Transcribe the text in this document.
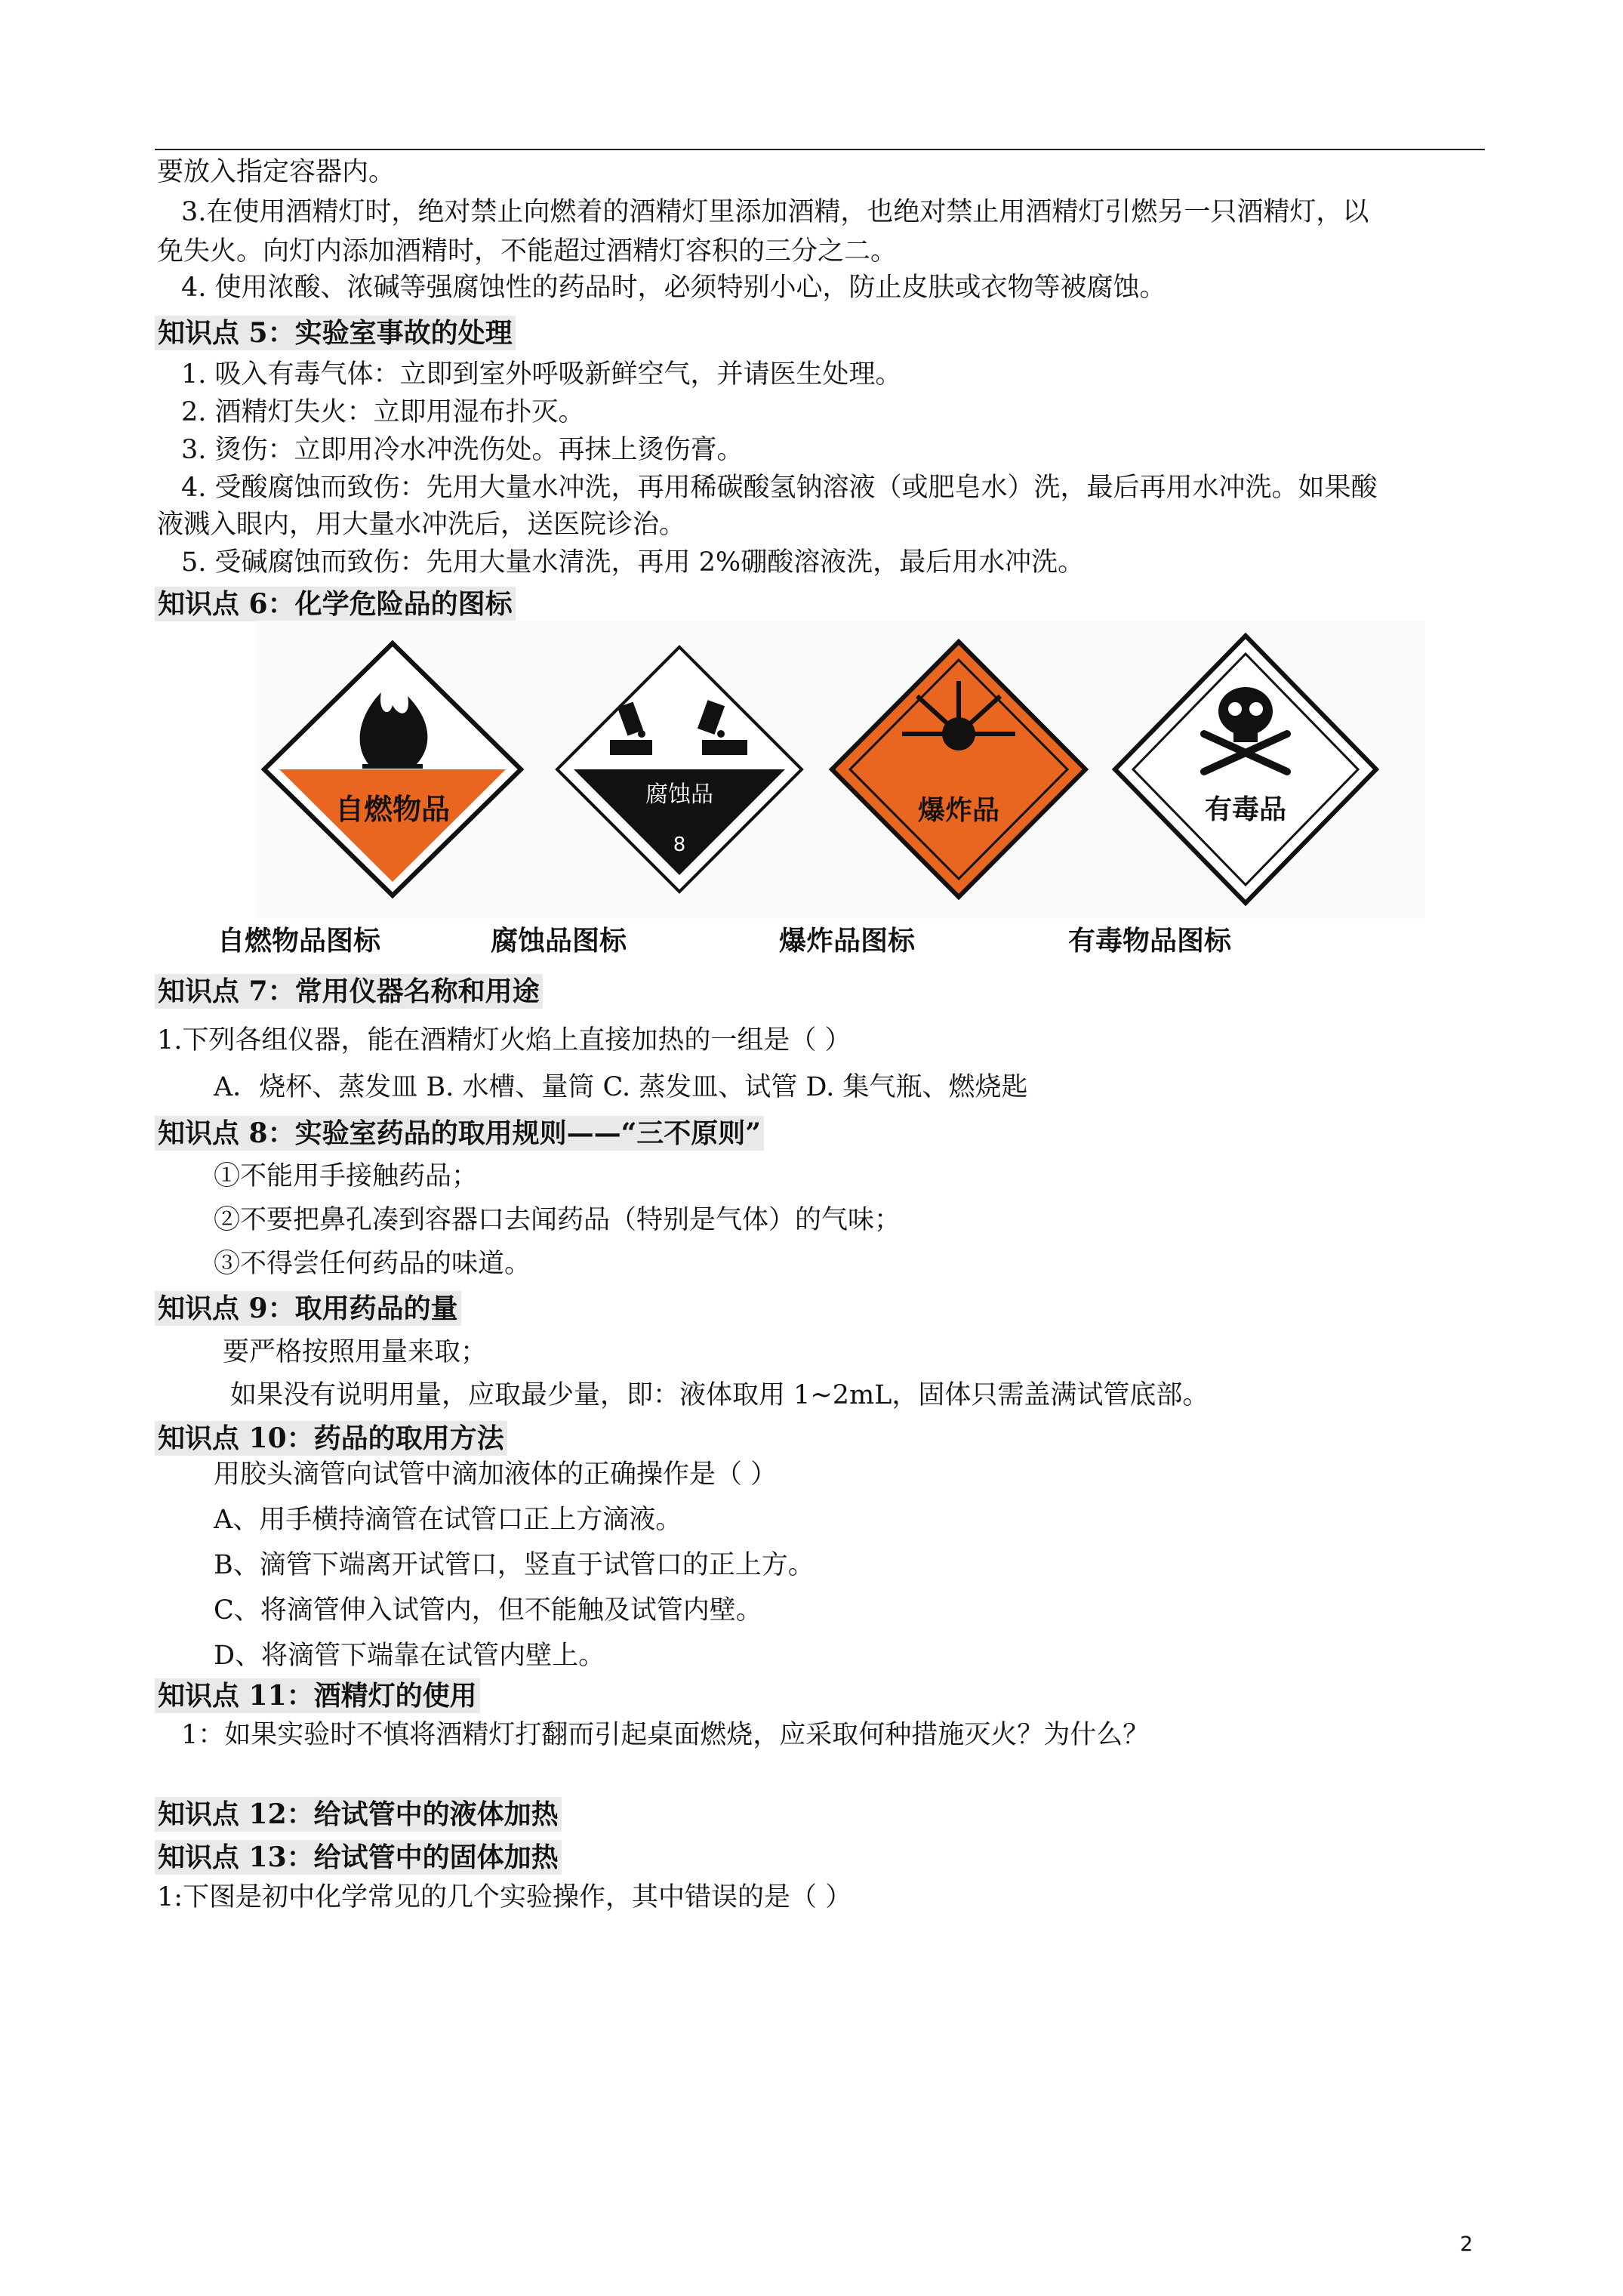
要放入指定容器内。
3.在使用酒精灯时，绝对禁止向燃着的酒精灯里添加酒精，也绝对禁止用酒精灯引燃另一只酒精灯，以
免失火。向灯内添加酒精时，不能超过酒精灯容积的三分之二。
4. 使用浓酸、浓碱等强腐蚀性的药品时，必须特别小心，防止皮肤或衣物等被腐蚀。
知识点 5：实验室事故的处理
1. 吸入有毒气体：立即到室外呼吸新鲜空气，并请医生处理。
2. 酒精灯失火：立即用湿布扑灭。
3. 烫伤：立即用冷水冲洗伤处。再抹上烫伤膏。
4. 受酸腐蚀而致伤：先用大量水冲洗，再用稀碳酸氢钠溶液（或肥皂水）洗，最后再用水冲洗。如果酸
液溅入眼内，用大量水冲洗后，送医院诊治。
5. 受碱腐蚀而致伤：先用大量水清洗，再用 2%硼酸溶液洗，最后用水冲洗。
知识点 6：化学危险品的图标
自燃物品	腐蚀品
8
爆炸品	有毒品
自燃物品图标	腐蚀品图标	爆炸品图标	有毒物品图标
知识点 7：常用仪器名称和用途
1.下列各组仪器，能在酒精灯火焰上直接加热的一组是（ ）
A．烧杯、蒸发皿 B. 水槽、量筒 C. 蒸发皿、试管 D. 集气瓶、燃烧匙
知识点 8：实验室药品的取用规则——“三不原则”
①不能用手接触药品；
②不要把鼻孔凑到容器口去闻药品（特别是气体）的气味；
③不得尝任何药品的味道。
知识点 9：取用药品的量
要严格按照用量来取；
如果没有说明用量，应取最少量，即：液体取用 1~2mL，固体只需盖满试管底部。
知识点 10：药品的取用方法
用胶头滴管向试管中滴加液体的正确操作是（ ）
A、用手横持滴管在试管口正上方滴液。
B、滴管下端离开试管口，竖直于试管口的正上方。
C、将滴管伸入试管内，但不能触及试管内壁。
D、将滴管下端靠在试管内壁上。
知识点 11：酒精灯的使用
1：如果实验时不慎将酒精灯打翻而引起桌面燃烧，应采取何种措施灭火？为什么？
知识点 12：给试管中的液体加热
知识点 13：给试管中的固体加热
1:下图是初中化学常见的几个实验操作，其中错误的是（ ）
2
